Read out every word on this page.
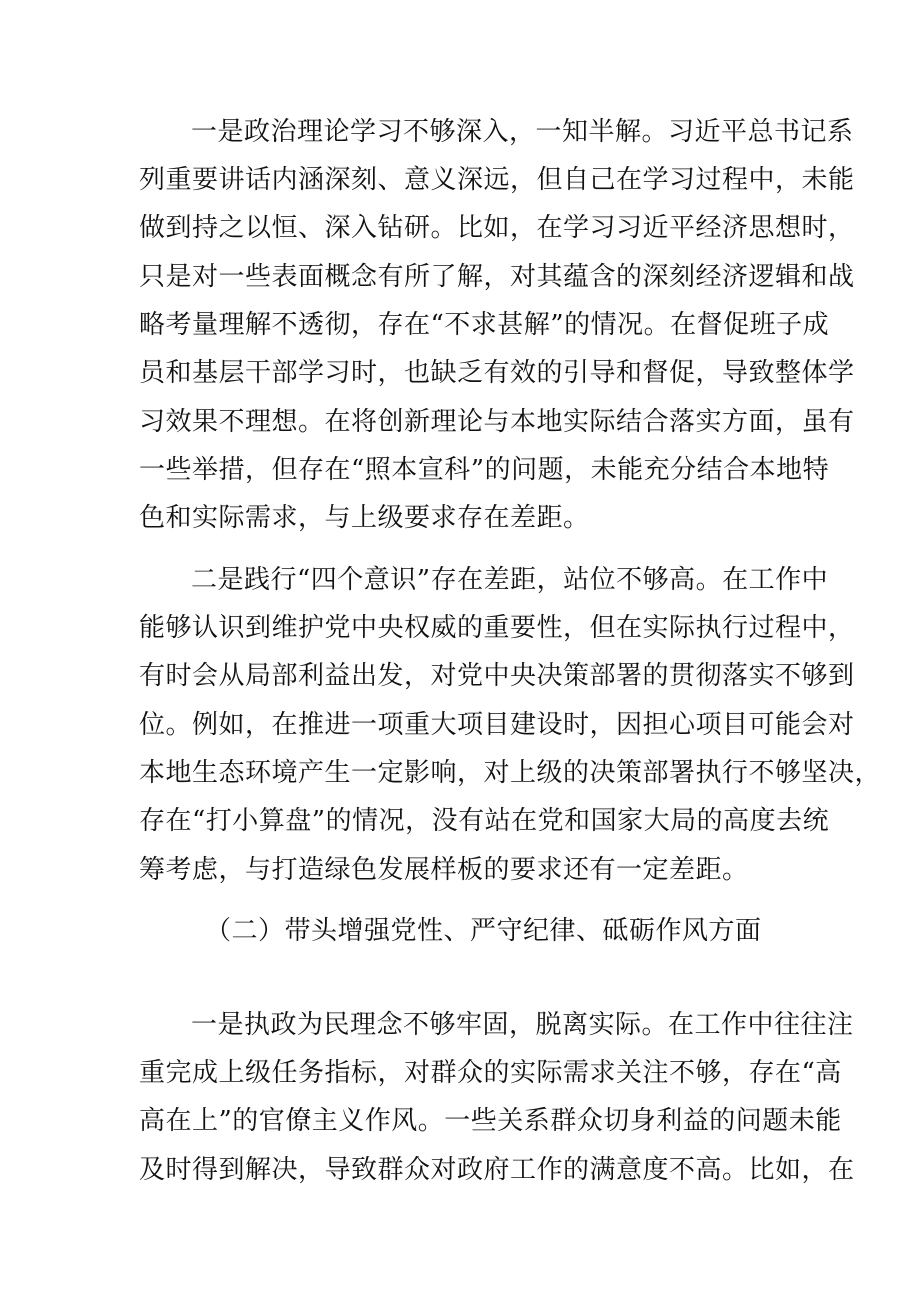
一是政治理论学习不够深入，一知半解。习近平总书记系
列重要讲话内涵深刻、意义深远，但自己在学习过程中，未能
做到持之以恒、深入钻研。比如，在学习习近平经济思想时，
只是对一些表面概念有所了解，对其蕴含的深刻经济逻辑和战
略考量理解不透彻，存在“不求甚解”的情况。在督促班子成
员和基层干部学习时，也缺乏有效的引导和督促，导致整体学
习效果不理想。在将创新理论与本地实际结合落实方面，虽有
一些举措，但存在“照本宣科”的问题，未能充分结合本地特
色和实际需求，与上级要求存在差距。
二是践行“四个意识”存在差距，站位不够高。在工作中
能够认识到维护党中央权威的重要性，但在实际执行过程中，
有时会从局部利益出发，对党中央决策部署的贯彻落实不够到
位。例如，在推进一项重大项目建设时，因担心项目可能会对
本地生态环境产生一定影响，对上级的决策部署执行不够坚决，
存在“打小算盘”的情况，没有站在党和国家大局的高度去统
筹考虑，与打造绿色发展样板的要求还有一定差距。
（二）带头增强党性、严守纪律、砥砺作风方面
一是执政为民理念不够牢固，脱离实际。在工作中往往注
重完成上级任务指标，对群众的实际需求关注不够，存在“高
高在上”的官僚主义作风。一些关系群众切身利益的问题未能
及时得到解决，导致群众对政府工作的满意度不高。比如，在
